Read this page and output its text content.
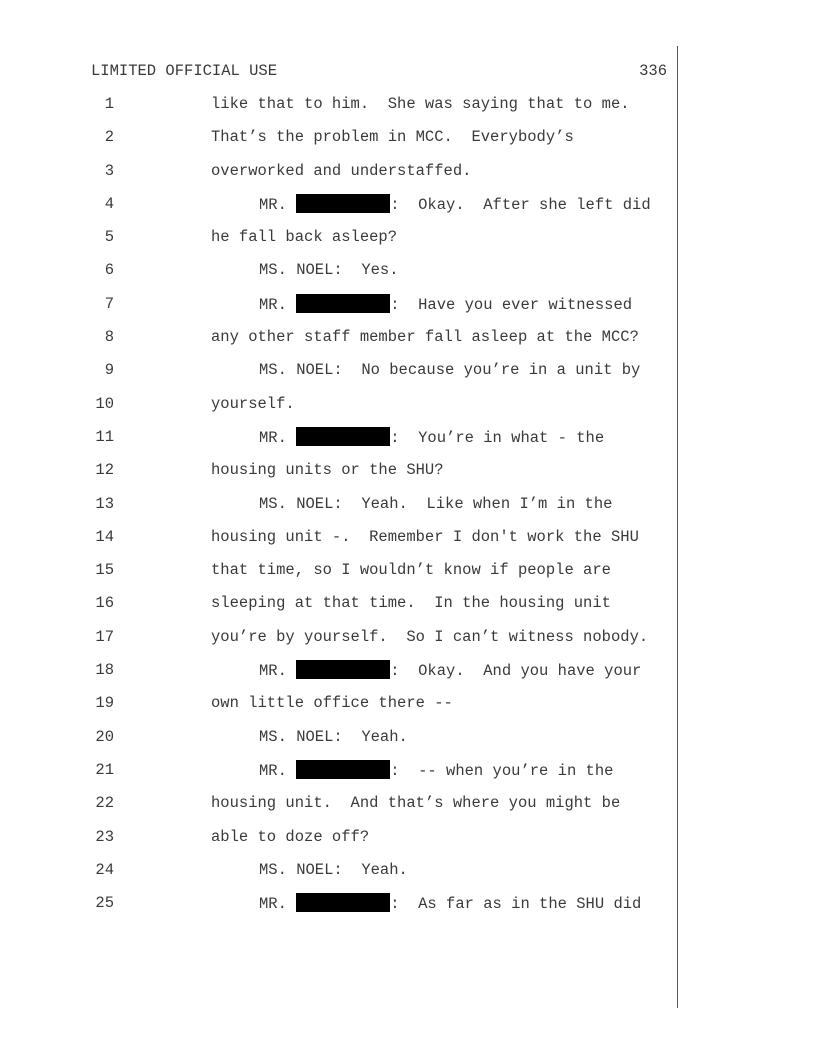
LIMITED OFFICIAL USE	336
1	like that to him.  She was saying that to me.
2	That’s the problem in MCC.  Everybody’s
3	overworked and understaffed.
4	MR.	:  Okay.  After she left did
5	he fall back asleep?
6	MS. NOEL:  Yes.
7	MR.	:  Have you ever witnessed
8	any other staff member fall asleep at the MCC?
9	MS. NOEL:  No because you’re in a unit by
10	yourself.
11	MR.	:  You’re in what - the
12	housing units or the SHU?
13	MS. NOEL:  Yeah.  Like when I’m in the
14	housing unit -.  Remember I don't work the SHU
15	that time, so I wouldn’t know if people are
16	sleeping at that time.  In the housing unit
17	you’re by yourself.  So I can’t witness nobody.
18	MR.	:  Okay.  And you have your
19	own little office there --
20	MS. NOEL:  Yeah.
21	MR.	:  -- when you’re in the
22	housing unit.  And that’s where you might be
23	able to doze off?
24	MS. NOEL:  Yeah.
25	MR.	:  As far as in the SHU did
